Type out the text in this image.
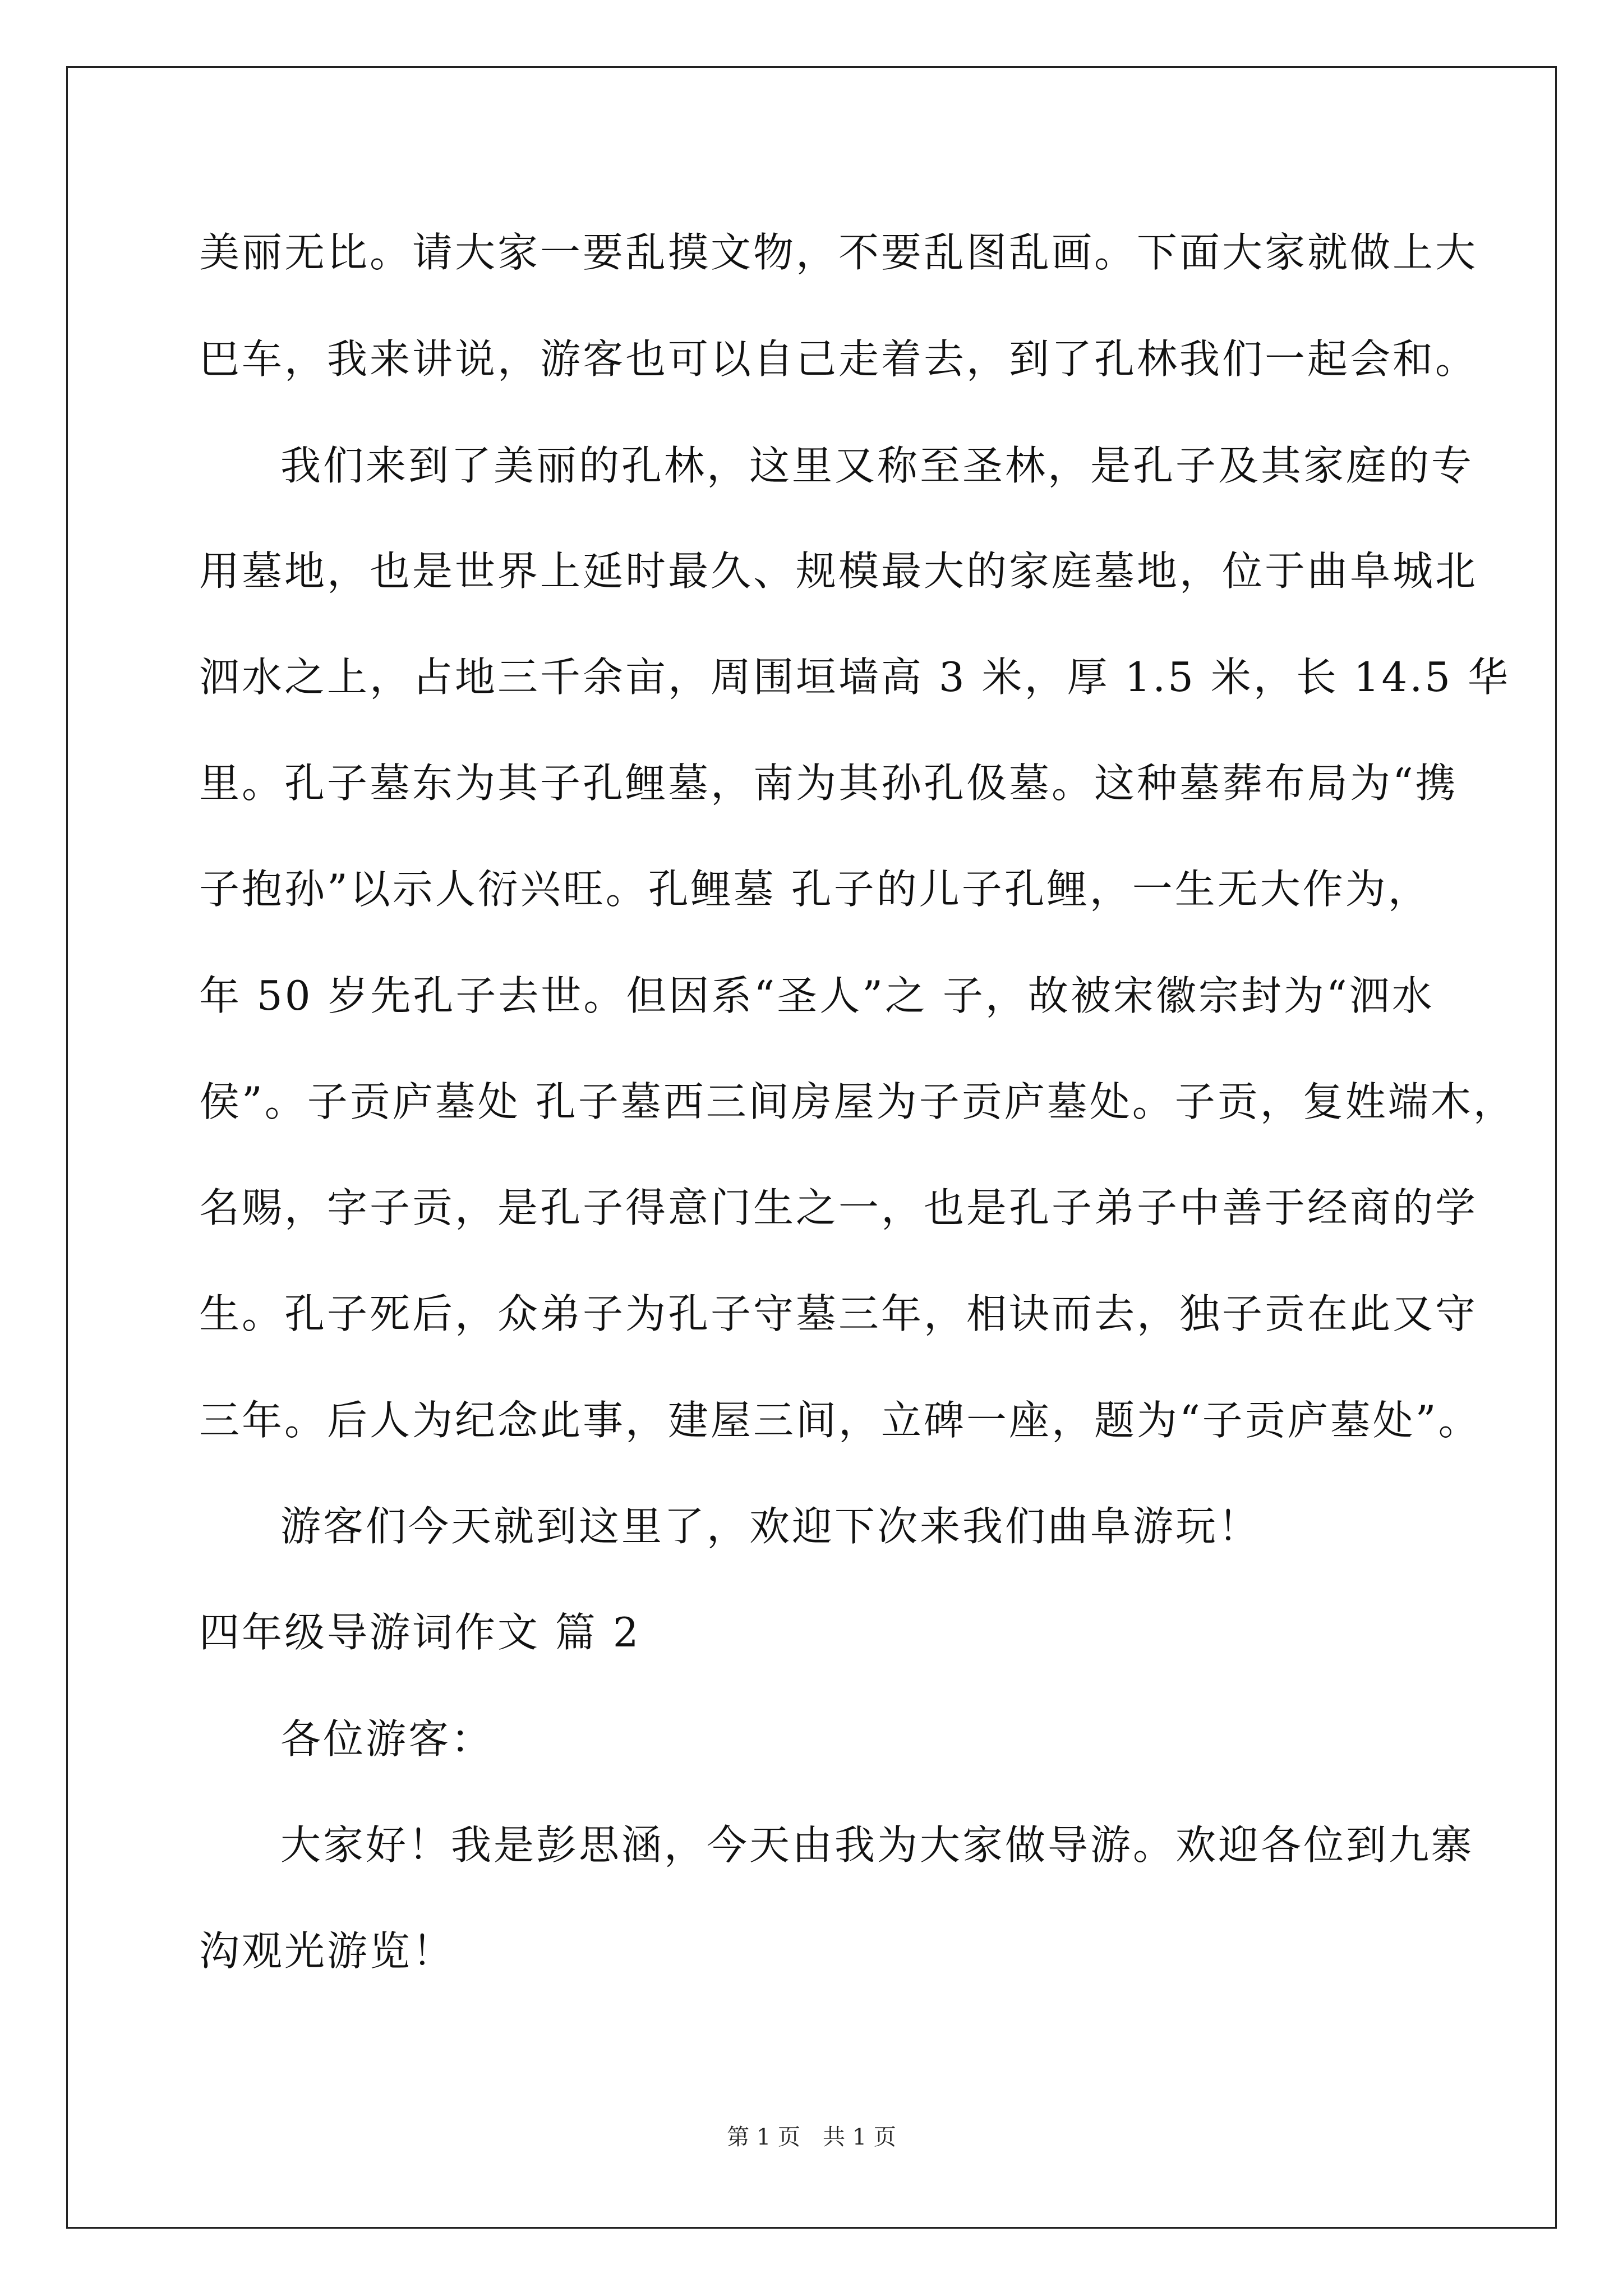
美丽无比。请大家一要乱摸文物，不要乱图乱画。下面大家就做上大
巴车，我来讲说，游客也可以自己走着去，到了孔林我们一起会和。
我们来到了美丽的孔林，这里又称至圣林，是孔子及其家庭的专
用墓地，也是世界上延时最久、规模最大的家庭墓地，位于曲阜城北
泗水之上，占地三千余亩，周围垣墙高 3 米，厚 1.5 米，长 14.5 华
里。孔子墓东为其子孔鲤墓，南为其孙孔伋墓。这种墓葬布局为“携
子抱孙”以示人衍兴旺。孔鲤墓 孔子的儿子孔鲤，一生无大作为，
年 50 岁先孔子去世。但因系“圣人”之 子，故被宋徽宗封为“泗水
侯”。子贡庐墓处 孔子墓西三间房屋为子贡庐墓处。子贡，复姓端木，
名赐，字子贡，是孔子得意门生之一，也是孔子弟子中善于经商的学
生。孔子死后，众弟子为孔子守墓三年，相诀而去，独子贡在此又守
三年。后人为纪念此事，建屋三间，立碑一座，题为“子贡庐墓处”。
游客们今天就到这里了，欢迎下次来我们曲阜游玩！
四年级导游词作文 篇 2
各位游客：
大家好！我是彭思涵，今天由我为大家做导游。欢迎各位到九寨
沟观光游览！
第 1 页　共 1 页
